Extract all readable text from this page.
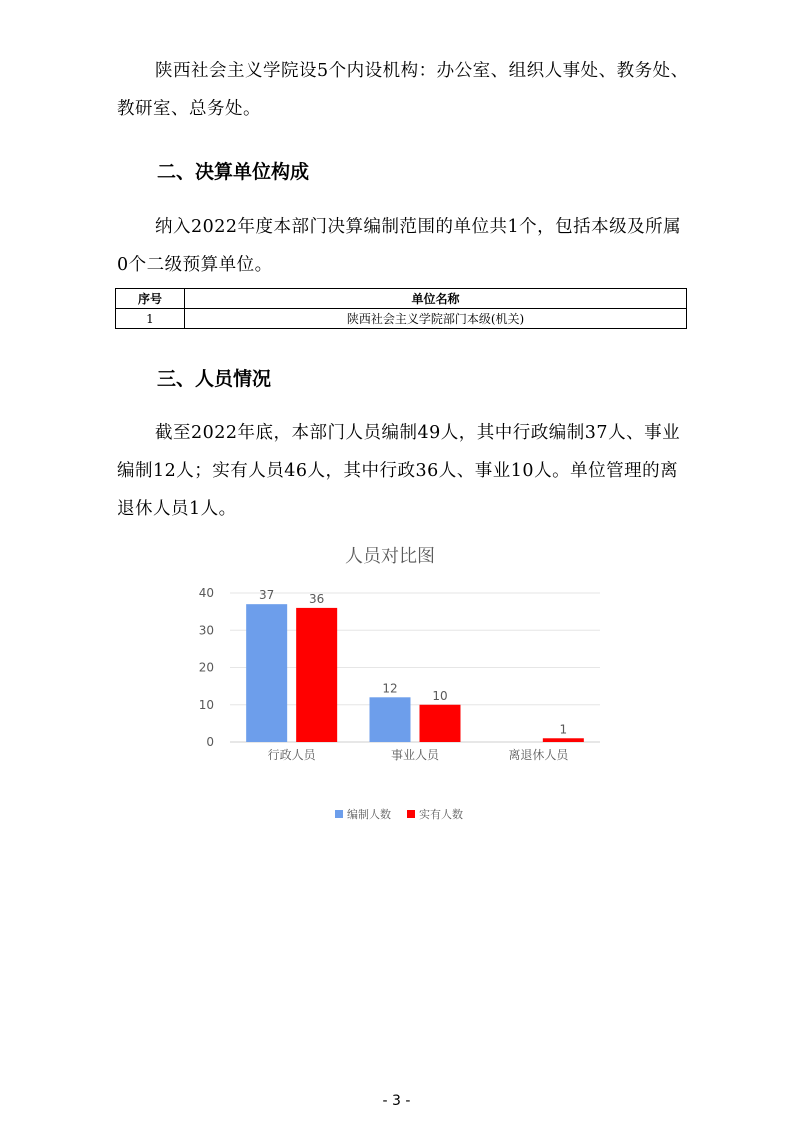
陕西社会主义学院设5个内设机构：办公室、组织人事处、教务处、教研室、总务处。
二、决算单位构成
纳入2022年度本部门决算编制范围的单位共1个，包括本级及所属0个二级预算单位。
序号	单位名称
1	陕西社会主义学院部门本级(机关)
三、人员情况
截至2022年底，本部门人员编制49人，其中行政编制37人、事业编制12人；实有人员46人，其中行政36人、事业10人。单位管理的离退休人员1人。
人员对比图
0
10
20
30
40
行政人员
37	36
事业人员
12
10
离退休人员
1
编制人数	实有人数
- 3 -
